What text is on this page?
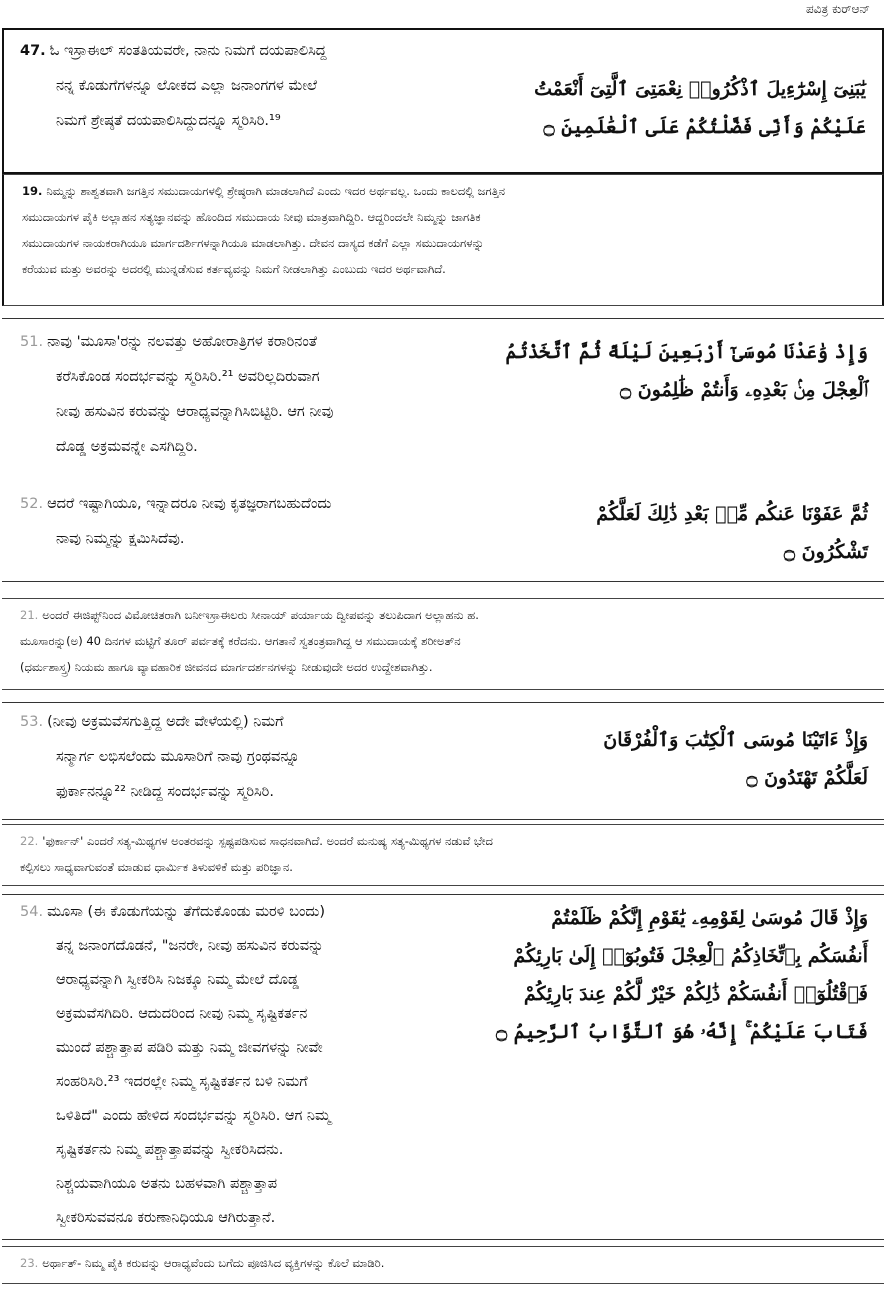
ಪವಿತ್ರ ಕುರ್‌ಆನ್
47. ಓ ಇಸ್ರಾಈಲ್ ಸಂತತಿಯವರೇ, ನಾನು ನಿಮಗೆ ದಯಪಾಲಿಸಿದ್ದ
ನನ್ನ ಕೊಡುಗೆಗಳನ್ನೂ ಲೋಕದ ಎಲ್ಲಾ ಜನಾಂಗಗಳ ಮೇಲೆ
ನಿಮಗೆ ಶ್ರೇಷ್ಠತೆ ದಯಪಾಲಿಸಿದ್ದುದನ್ನೂ ಸ್ಮರಿಸಿರಿ.¹⁹
يَٰبَنِىٓ إِسْرَٰٓءِيلَ ٱذْكُرُوا۟ نِعْمَتِىَ ٱلَّتِىٓ أَنْعَمْتُ
عَلَيْكُمْ وَأَنِّى فَضَّلْتُكُمْ عَلَى ٱلْعَٰلَمِينَ ۝
19. ನಿಮ್ಮನ್ನು ಶಾಶ್ವತವಾಗಿ ಜಗತ್ತಿನ ಸಮುದಾಯಗಳಲ್ಲಿ ಶ್ರೇಷ್ಠರಾಗಿ ಮಾಡಲಾಗಿದೆ ಎಂದು ಇದರ ಅರ್ಥವಲ್ಲ. ಒಂದು ಕಾಲದಲ್ಲಿ ಜಗತ್ತಿನ
ಸಮುದಾಯಗಳ ಪೈಕಿ ಅಲ್ಲಾಹನ ಸತ್ಯಜ್ಞಾನವನ್ನು ಹೊಂದಿದ ಸಮುದಾಯ ನೀವು ಮಾತ್ರವಾಗಿದ್ದಿರಿ. ಆದ್ದರಿಂದಲೇ ನಿಮ್ಮನ್ನು ಜಾಗತಿಕ
ಸಮುದಾಯಗಳ ನಾಯಕರಾಗಿಯೂ ಮಾರ್ಗದರ್ಶಿಗಳನ್ನಾಗಿಯೂ ಮಾಡಲಾಗಿತ್ತು. ದೇವನ ದಾಸ್ಯದ ಕಡೆಗೆ ಎಲ್ಲಾ ಸಮುದಾಯಗಳನ್ನು
ಕರೆಯುವ ಮತ್ತು ಅವರನ್ನು ಅದರಲ್ಲಿ ಮುನ್ನಡೆಸುವ ಕರ್ತವ್ಯವನ್ನು ನಿಮಗೆ ನೀಡಲಾಗಿತ್ತು ಎಂಬುದು ಇದರ ಅರ್ಥವಾಗಿದೆ.
51. ನಾವು 'ಮೂಸಾ'ರನ್ನು ನಲವತ್ತು ಅಹೋರಾತ್ರಿಗಳ ಕರಾರಿನಂತೆ
ಕರೆಸಿಕೊಂಡ ಸಂದರ್ಭವನ್ನು ಸ್ಮರಿಸಿರಿ.²¹ ಅವರಿಲ್ಲದಿರುವಾಗ
ನೀವು ಹಸುವಿನ ಕರುವನ್ನು ಆರಾಧ್ಯವನ್ನಾಗಿಸಿಬಿಟ್ಟಿರಿ. ಆಗ ನೀವು
ದೊಡ್ಡ ಅಕ್ರಮವನ್ನೇ ಎಸಗಿದ್ದಿರಿ.
وَإِذْ وَٰعَدْنَا مُوسَىٰٓ أَرْبَعِينَ لَيْلَةً ثُمَّ ٱتَّخَذْتُمُ
ٱلْعِجْلَ مِنۢ بَعْدِهِۦ وَأَنتُمْ ظَٰلِمُونَ ۝
52. ಆದರೆ ಇಷ್ಟಾಗಿಯೂ, ಇನ್ನಾದರೂ ನೀವು ಕೃತಜ್ಞರಾಗಬಹುದೆಂದು
ನಾವು ನಿಮ್ಮನ್ನು ಕ್ಷಮಿಸಿದೆವು.
ثُمَّ عَفَوْنَا عَنكُم مِّنۢ بَعْدِ ذَٰلِكَ لَعَلَّكُمْ
تَشْكُرُونَ ۝
21. ಅಂದರೆ ಈಜಿಪ್ಟ್‌ನಿಂದ ವಿಮೋಚಿತರಾಗಿ ಬನೀಇಸ್ರಾಈಲರು ಸೀನಾಯ್ ಪರ್ಯಾಯ ದ್ವೀಪವನ್ನು ತಲುಪಿದಾಗ ಅಲ್ಲಾಹನು ಹ.
ಮೂಸಾರನ್ನು(ಅ) 40 ದಿನಗಳ ಮಟ್ಟಿಗೆ ತೂರ್ ಪರ್ವತಕ್ಕೆ ಕರೆದನು. ಆಗತಾನೆ ಸ್ವತಂತ್ರವಾಗಿದ್ದ ಆ ಸಮುದಾಯಕ್ಕೆ ಶರೀಅತ್‌ನ
(ಧರ್ಮಶಾಸ್ತ್ರ) ನಿಯಮ ಹಾಗೂ ವ್ಯಾವಹಾರಿಕ ಜೀವನದ ಮಾರ್ಗದರ್ಶನಗಳನ್ನು ನೀಡುವುದೇ ಅದರ ಉದ್ದೇಶವಾಗಿತ್ತು.
53. (ನೀವು ಅಕ್ರಮವೆಸಗುತ್ತಿದ್ದ ಅದೇ ವೇಳೆಯಲ್ಲಿ) ನಿಮಗೆ
ಸನ್ಮಾರ್ಗ ಲಭಿಸಲೆಂದು ಮೂಸಾರಿಗೆ ನಾವು ಗ್ರಂಥವನ್ನೂ
ಫುರ್ಕಾನನ್ನೂ²² ನೀಡಿದ್ದ ಸಂದರ್ಭವನ್ನು ಸ್ಮರಿಸಿರಿ.
وَإِذْ ءَاتَيْنَا مُوسَى ٱلْكِتَٰبَ وَٱلْفُرْقَانَ
لَعَلَّكُمْ تَهْتَدُونَ ۝
22. 'ಫುರ್ಕಾನ್' ಎಂದರೆ ಸತ್ಯ-ಮಿಥ್ಯಗಳ ಅಂತರವನ್ನು ಸ್ಪಷ್ಟಪಡಿಸುವ ಸಾಧನವಾಗಿದೆ. ಅಂದರೆ ಮನುಷ್ಯ ಸತ್ಯ-ಮಿಥ್ಯಗಳ ನಡುವೆ ಭೇದ
ಕಲ್ಪಿಸಲು ಸಾಧ್ಯವಾಗುವಂತೆ ಮಾಡುವ ಧಾರ್ಮಿಕ ತಿಳುವಳಿಕೆ ಮತ್ತು ಪರಿಜ್ಞಾನ.
54. ಮೂಸಾ (ಈ ಕೊಡುಗೆಯನ್ನು ತೆಗೆದುಕೊಂಡು ಮರಳಿ ಬಂದು)
ತನ್ನ ಜನಾಂಗದೊಡನೆ, "ಜನರೇ, ನೀವು ಹಸುವಿನ ಕರುವನ್ನು
ಆರಾಧ್ಯವನ್ನಾಗಿ ಸ್ವೀಕರಿಸಿ ನಿಜಕ್ಕೂ ನಿಮ್ಮ ಮೇಲೆ ದೊಡ್ಡ
ಅಕ್ರಮವೆಸಗಿದಿರಿ. ಆದುದರಿಂದ ನೀವು ನಿಮ್ಮ ಸೃಷ್ಟಿಕರ್ತನ
ಮುಂದೆ ಪಶ್ಚಾತ್ತಾಪ ಪಡಿರಿ ಮತ್ತು ನಿಮ್ಮ ಜೀವಗಳನ್ನು ನೀವೇ
ಸಂಹರಿಸಿರಿ.²³ ಇದರಲ್ಲೇ ನಿಮ್ಮ ಸೃಷ್ಟಿಕರ್ತನ ಬಳಿ ನಿಮಗೆ
ಒಳಿತಿದೆ" ಎಂದು ಹೇಳಿದ ಸಂದರ್ಭವನ್ನು ಸ್ಮರಿಸಿರಿ. ಆಗ ನಿಮ್ಮ
ಸೃಷ್ಟಿಕರ್ತನು ನಿಮ್ಮ ಪಶ್ಚಾತ್ತಾಪವನ್ನು ಸ್ವೀಕರಿಸಿದನು.
ನಿಶ್ಚಯವಾಗಿಯೂ ಅತನು ಬಹಳವಾಗಿ ಪಶ್ಚಾತ್ತಾಪ
ಸ್ವೀಕರಿಸುವವನೂ ಕರುಣಾನಿಧಿಯೂ ಆಗಿರುತ್ತಾನೆ.
وَإِذْ قَالَ مُوسَىٰ لِقَوْمِهِۦ يَٰقَوْمِ إِنَّكُمْ ظَلَمْتُمْ
أَنفُسَكُم بِٱتِّخَاذِكُمُ ٱلْعِجْلَ فَتُوبُوٓا۟ إِلَىٰ بَارِئِكُمْ
فَٱقْتُلُوٓا۟ أَنفُسَكُمْ ذَٰلِكُمْ خَيْرٌ لَّكُمْ عِندَ بَارِئِكُمْ
فَتَابَ عَلَيْكُمْ ۚ إِنَّهُۥ هُوَ ٱلتَّوَّابُ ٱلرَّحِيمُ ۝
23. ಅರ್ಥಾತ್- ನಿಮ್ಮ ಪೈಕಿ ಕರುವನ್ನು ಆರಾಧ್ಯವೆಂದು ಬಗೆದು ಪೂಜಿಸಿದ ವ್ಯಕ್ತಿಗಳನ್ನು ಕೊಲೆ ಮಾಡಿರಿ.
